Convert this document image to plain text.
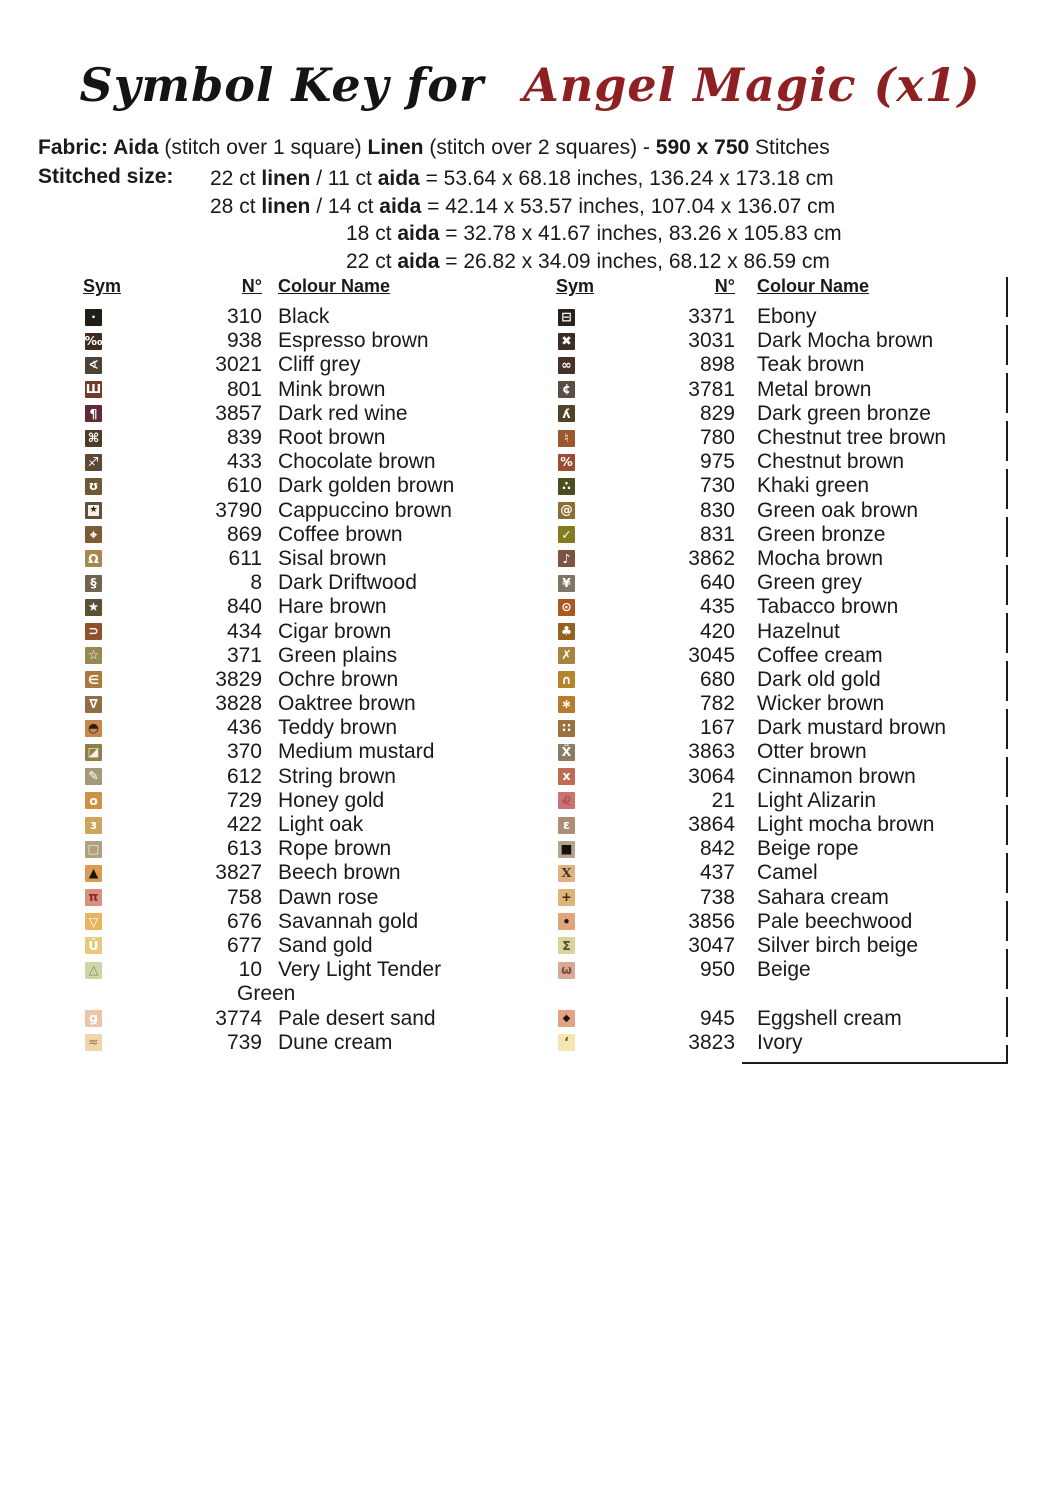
Symbol Key for Angel Magic (x1)
Fabric: Aida (stitch over 1 square) Linen (stitch over 2 squares) - 590 x 750 Stitches
Stitched size: 22 ct linen / 11 ct aida = 53.64 x 68.18 inches, 136.24 x 173.18 cm
28 ct linen / 14 ct aida = 42.14 x 53.57 inches, 107.04 x 136.07 cm
18 ct aida = 32.78 x 41.67 inches, 83.26 x 105.83 cm
22 ct aida = 26.82 x 34.09 inches, 68.12 x 86.59 cm
Sym	N° Colour Name
·	310 Black
‰	938 Espresso brown
∢	3021 Cliff grey
Ш	801 Mink brown
¶	3857 Dark red wine
⌘	839 Root brown
♐	433 Chocolate brown
ʊ	610 Dark golden brown
★	3790 Cappuccino brown
⌖	869 Coffee brown
Ω	611 Sisal brown
§	8 Dark Driftwood
★	840 Hare brown
⊃	434 Cigar brown
☆	371 Green plains
∈	3829 Ochre brown
∇	3828 Oaktree brown
◓	436 Teddy brown
◪	370 Medium mustard
✎	612 String brown
o	729 Honey gold
ɜ	422 Light oak
□	613 Rope brown
▲	3827 Beech brown
π	758 Dawn rose
▽	676 Savannah gold
Ū	677 Sand gold
△	10 Very Light Tender
Green
g	3774 Pale desert sand
≈	739 Dune cream
Sym	N° Colour Name
⊟	3371 Ebony
✖	3031 Dark Mocha brown
∞	898 Teak brown
¢	3781 Metal brown
ʎ	829 Dark green bronze
♮	780 Chestnut tree brown
%	975 Chestnut brown
∴	730 Khaki green
@	830 Green oak brown
✓	831 Green bronze
♪	3862 Mocha brown
¥	640 Green grey
⊙	435 Tabacco brown
♣	420 Hazelnut
✗	3045 Coffee cream
∩	680 Dark old gold
∗	782 Wicker brown
∷	167 Dark mustard brown
Ẍ	3863 Otter brown
x	3064 Cinnamon brown
♌	21 Light Alizarin
ε	3864 Light mocha brown
■	842 Beige rope
X	437 Camel
+	738 Sahara cream
•	3856 Pale beechwood
Σ	3047 Silver birch beige
ω	950 Beige
◆	945 Eggshell cream
‘	3823 Ivory
